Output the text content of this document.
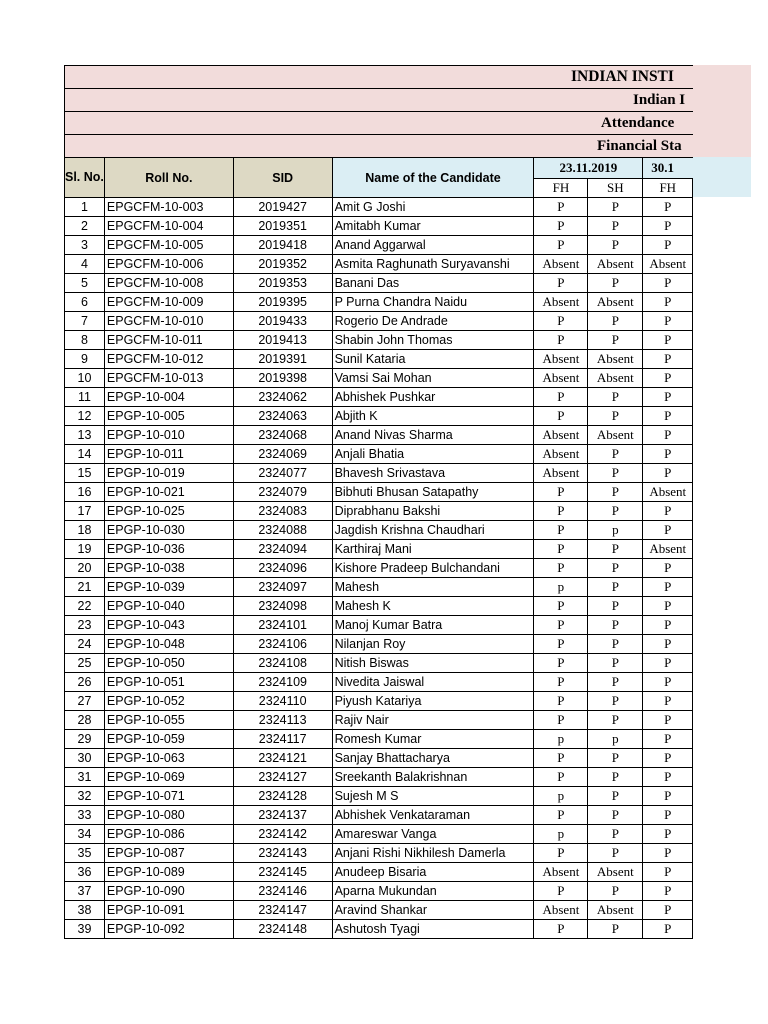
INDIAN INSTI							
Indian I							
Attendance							
Financial Sta							
Sl. No.	Roll No.	SID	Name of the Candidate	23.11.2019		30.1	
				FH	SH	FH	
1	EPGCFM-10-003	2019427	Amit G Joshi	P	P	P	
2	EPGCFM-10-004	2019351	Amitabh Kumar	P	P	P	
3	EPGCFM-10-005	2019418	Anand Aggarwal	P	P	P	
4	EPGCFM-10-006	2019352	Asmita Raghunath Suryavanshi	Absent	Absent	Absent	
5	EPGCFM-10-008	2019353	Banani Das	P	P	P	
6	EPGCFM-10-009	2019395	P Purna Chandra Naidu	Absent	Absent	P	
7	EPGCFM-10-010	2019433	Rogerio De Andrade	P	P	P	
8	EPGCFM-10-011	2019413	Shabin John Thomas	P	P	P	
9	EPGCFM-10-012	2019391	Sunil Kataria	Absent	Absent	P	
10	EPGCFM-10-013	2019398	Vamsi Sai Mohan	Absent	Absent	P	
11	EPGP-10-004	2324062	Abhishek Pushkar	P	P	P	
12	EPGP-10-005	2324063	Abjith K	P	P	P	
13	EPGP-10-010	2324068	Anand Nivas Sharma	Absent	Absent	P	
14	EPGP-10-011	2324069	Anjali Bhatia	Absent	P	P	
15	EPGP-10-019	2324077	Bhavesh Srivastava	Absent	P	P	
16	EPGP-10-021	2324079	Bibhuti Bhusan Satapathy	P	P	Absent	
17	EPGP-10-025	2324083	Diprabhanu Bakshi	P	P	P	
18	EPGP-10-030	2324088	Jagdish Krishna Chaudhari	P	p	P	
19	EPGP-10-036	2324094	Karthiraj Mani	P	P	Absent	
20	EPGP-10-038	2324096	Kishore Pradeep Bulchandani	P	P	P	
21	EPGP-10-039	2324097	Mahesh	p	P	P	
22	EPGP-10-040	2324098	Mahesh K	P	P	P	
23	EPGP-10-043	2324101	Manoj Kumar Batra	P	P	P	
24	EPGP-10-048	2324106	Nilanjan Roy	P	P	P	
25	EPGP-10-050	2324108	Nitish Biswas	P	P	P	
26	EPGP-10-051	2324109	Nivedita Jaiswal	P	P	P	
27	EPGP-10-052	2324110	Piyush Katariya	P	P	P	
28	EPGP-10-055	2324113	Rajiv Nair	P	P	P	
29	EPGP-10-059	2324117	Romesh Kumar	p	p	P	
30	EPGP-10-063	2324121	Sanjay Bhattacharya	P	P	P	
31	EPGP-10-069	2324127	Sreekanth Balakrishnan	P	P	P	
32	EPGP-10-071	2324128	Sujesh M S	p	P	P	
33	EPGP-10-080	2324137	Abhishek Venkataraman	P	P	P	
34	EPGP-10-086	2324142	Amareswar Vanga	p	P	P	
35	EPGP-10-087	2324143	Anjani Rishi Nikhilesh Damerla	P	P	P	
36	EPGP-10-089	2324145	Anudeep Bisaria	Absent	Absent	P	
37	EPGP-10-090	2324146	Aparna Mukundan	P	P	P	
38	EPGP-10-091	2324147	Aravind Shankar	Absent	Absent	P	
39	EPGP-10-092	2324148	Ashutosh Tyagi	P	P	P	
